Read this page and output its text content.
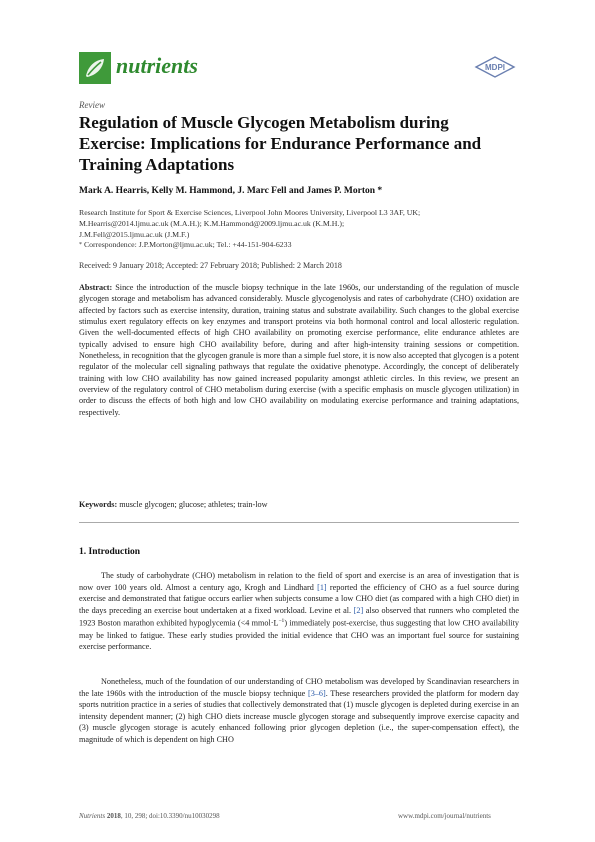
nutrients	MDPI
Review
Regulation of Muscle Glycogen Metabolism during Exercise: Implications for Endurance Performance and Training Adaptations
Mark A. Hearris, Kelly M. Hammond, J. Marc Fell and James P. Morton *
Research Institute for Sport & Exercise Sciences, Liverpool John Moores University, Liverpool L3 3AF, UK;
M.Hearris@2014.ljmu.ac.uk (M.A.H.); K.M.Hammond@2009.ljmu.ac.uk (K.M.H.);
J.M.Fell@2015.ljmu.ac.uk (J.M.F.)
* Correspondence: J.P.Morton@ljmu.ac.uk; Tel.: +44-151-904-6233
Received: 9 January 2018; Accepted: 27 February 2018; Published: 2 March 2018
Abstract: Since the introduction of the muscle biopsy technique in the late 1960s, our understanding of the regulation of muscle glycogen storage and metabolism has advanced considerably. Muscle glycogenolysis and rates of carbohydrate (CHO) oxidation are affected by factors such as exercise intensity, duration, training status and substrate availability. Such changes to the global exercise stimulus exert regulatory effects on key enzymes and transport proteins via both hormonal control and local allosteric regulation. Given the well-documented effects of high CHO availability on promoting exercise performance, elite endurance athletes are typically advised to ensure high CHO availability before, during and after high-intensity training sessions or competition. Nonetheless, in recognition that the glycogen granule is more than a simple fuel store, it is now also accepted that glycogen is a potent regulator of the molecular cell signaling pathways that regulate the oxidative phenotype. Accordingly, the concept of deliberately training with low CHO availability has now gained increased popularity amongst athletic circles. In this review, we present an overview of the regulatory control of CHO metabolism during exercise (with a specific emphasis on muscle glycogen utilization) in order to discuss the effects of both high and low CHO availability on modulating exercise performance and training adaptations, respectively.
Keywords: muscle glycogen; glucose; athletes; train-low
1. Introduction
The study of carbohydrate (CHO) metabolism in relation to the field of sport and exercise is an area of investigation that is now over 100 years old. Almost a century ago, Krogh and Lindhard [1] reported the efficiency of CHO as a fuel source during exercise and demonstrated that fatigue occurs earlier when subjects consume a low CHO diet (as compared with a high CHO diet) in the days preceding an exercise bout undertaken at a fixed workload. Levine et al. [2] also observed that runners who completed the 1923 Boston marathon exhibited hypoglycemia (<4 $mmol\cdot L^{-1}$) immediately post-exercise, thus suggesting that low CHO availability may be linked to fatigue. These early studies provided the initial evidence that CHO was an important fuel source for sustaining exercise performance.
Nonetheless, much of the foundation of our understanding of CHO metabolism was developed by Scandinavian researchers in the late 1960s with the introduction of the muscle biopsy technique [3–6]. These researchers provided the platform for modern day sports nutrition practice in a series of studies that collectively demonstrated that (1) muscle glycogen is depleted during exercise in an intensity dependent manner; (2) high CHO diets increase muscle glycogen storage and subsequently improve exercise capacity and (3) muscle glycogen storage is acutely enhanced following prior glycogen depletion (i.e., the super-compensation effect), the magnitude of which is dependent on high CHO
Nutrients 2018, 10, 298; doi:10.3390/nu10030298	www.mdpi.com/journal/nutrients
